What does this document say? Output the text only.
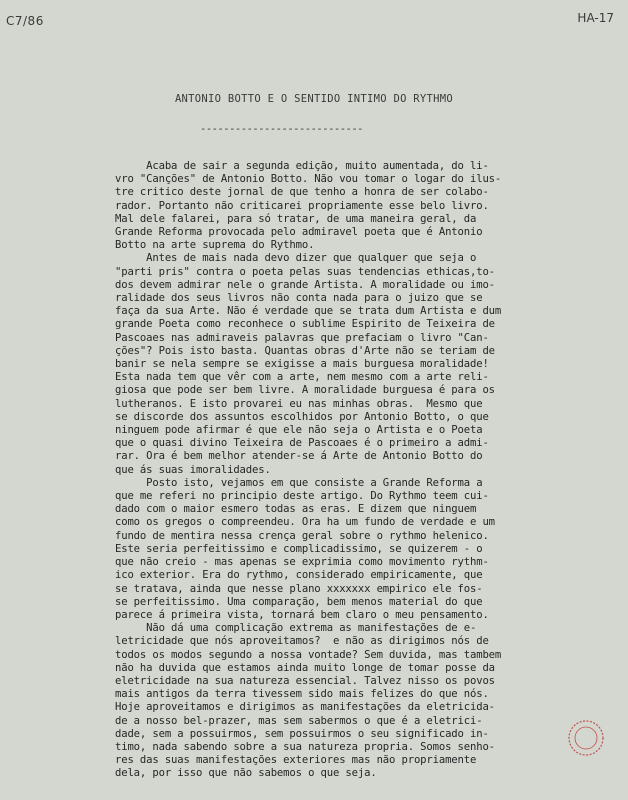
C7/86	HA-17
ANTONIO BOTTO E O SENTIDO INTIMO DO RYTHMO
----------------------------
Acaba de sair a segunda edição, muito aumentada, do li-
vro "Canções" de Antonio Botto. Não vou tomar o logar do ilus-
tre critico deste jornal de que tenho a honra de ser colabo-
rador. Portanto não criticarei propriamente esse belo livro.
Mal dele falarei, para só tratar, de uma maneira geral, da
Grande Reforma provocada pelo admiravel poeta que é Antonio
Botto na arte suprema do Rythmo.
Antes de mais nada devo dizer que qualquer que seja o
"parti pris" contra o poeta pelas suas tendencias ethicas,to-
dos devem admirar nele o grande Artista. A moralidade ou imo-
ralidade dos seus livros não conta nada para o juizo que se
faça da sua Arte. Não é verdade que se trata dum Artista e dum
grande Poeta como reconhece o sublime Espirito de Teixeira de
Pascoaes nas admiraveis palavras que prefaciam o livro "Can-
ções"? Pois isto basta. Quantas obras d'Arte não se teriam de
banir se nela sempre se exigisse a mais burguesa moralidade!
Esta nada tem que vêr com a arte, nem mesmo com a arte reli-
giosa que pode ser bem livre. A moralidade burguesa é para os
lutheranos. E isto provarei eu nas minhas obras.  Mesmo que
se discorde dos assuntos escolhidos por Antonio Botto, o que
ninguem pode afirmar é que ele não seja o Artista e o Poeta
que o quasi divino Teixeira de Pascoaes é o primeiro a admi-
rar. Ora é bem melhor atender-se á Arte de Antonio Botto do
que ás suas imoralidades.
Posto isto, vejamos em que consiste a Grande Reforma a
que me referi no principio deste artigo. Do Rythmo teem cui-
dado com o maior esmero todas as eras. E dizem que ninguem
como os gregos o compreendeu. Ora ha um fundo de verdade e um
fundo de mentira nessa crença geral sobre o rythmo helenico.
Este seria perfeitissimo e complicadissimo, se quizerem - o
que não creio - mas apenas se exprimia como movimento rythm-
ico exterior. Era do rythmo, considerado empiricamente, que
se tratava, ainda que nesse plano xxxxxxx empirico ele fos-
se perfeitissimo. Uma comparação, bem menos material do que
parece á primeira vista, tornará bem claro o meu pensamento.
Não dá uma complicação extrema as manifestações de e-
letricidade que nós aproveitamos?  e não as dirigimos nós de
todos os modos segundo a nossa vontade? Sem duvida, mas tambem
não ha duvida que estamos ainda muito longe de tomar posse da
eletricidade na sua natureza essencial. Talvez nisso os povos
mais antigos da terra tivessem sido mais felizes do que nós.
Hoje aproveitamos e dirigimos as manifestações da eletricida-
de a nosso bel-prazer, mas sem sabermos o que é a eletrici-
dade, sem a possuirmos, sem possuirmos o seu significado in-
timo, nada sabendo sobre a sua natureza propria. Somos senho-
res das suas manifestações exteriores mas não propriamente
dela, por isso que não sabemos o que seja.
